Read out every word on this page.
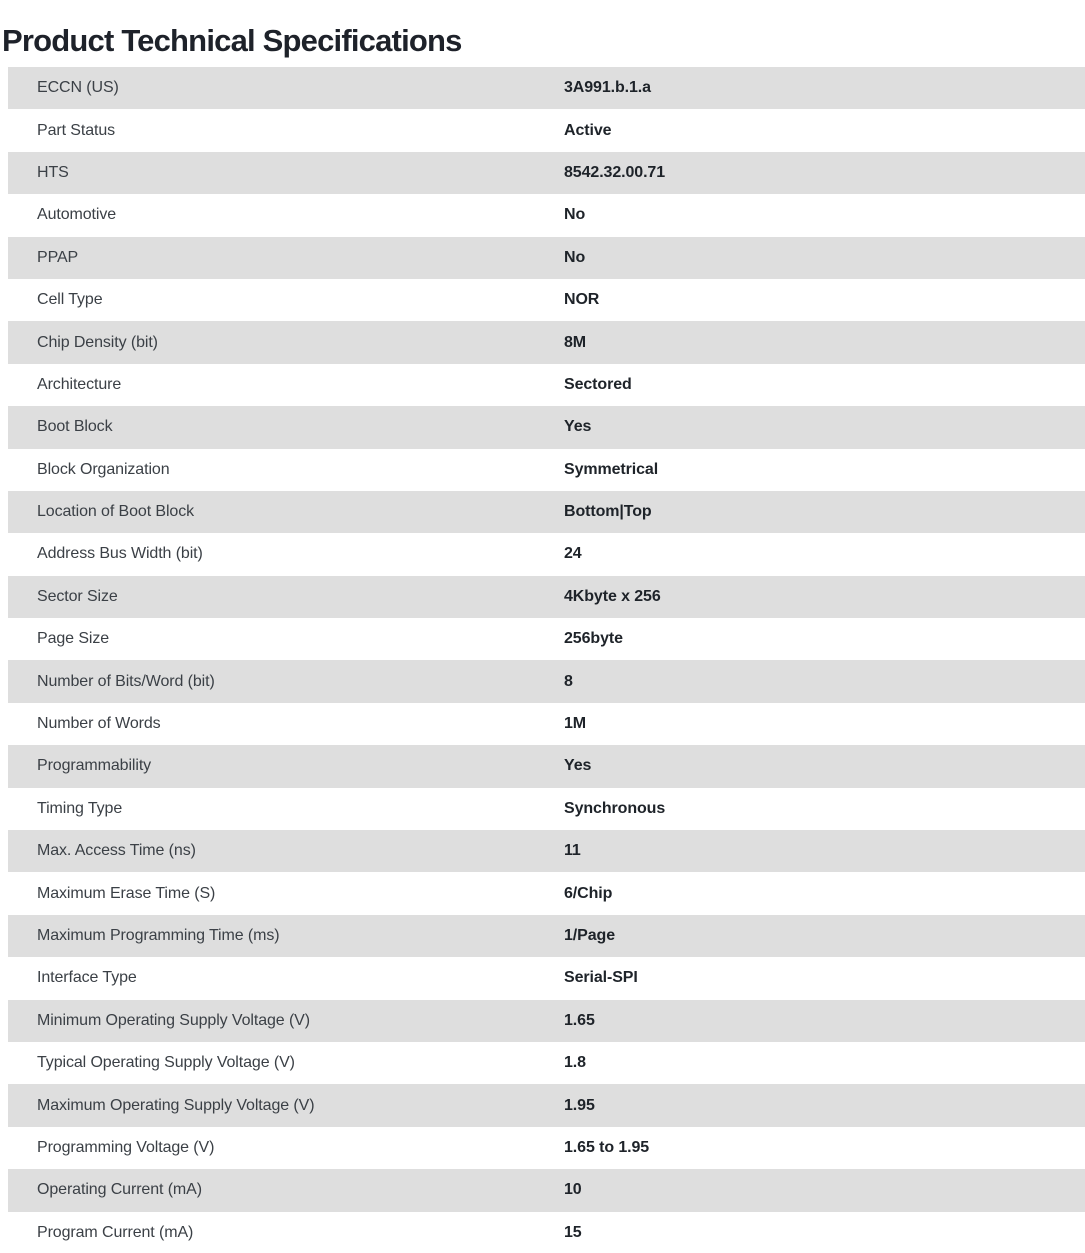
Product Technical Specifications
ECCN (US)	3A991.b.1.a
Part Status	Active
HTS	8542.32.00.71
Automotive	No
PPAP	No
Cell Type	NOR
Chip Density (bit)	8M
Architecture	Sectored
Boot Block	Yes
Block Organization	Symmetrical
Location of Boot Block	Bottom|Top
Address Bus Width (bit)	24
Sector Size	4Kbyte x 256
Page Size	256byte
Number of Bits/Word (bit)	8
Number of Words	1M
Programmability	Yes
Timing Type	Synchronous
Max. Access Time (ns)	11
Maximum Erase Time (S)	6/Chip
Maximum Programming Time (ms)	1/Page
Interface Type	Serial-SPI
Minimum Operating Supply Voltage (V)	1.65
Typical Operating Supply Voltage (V)	1.8
Maximum Operating Supply Voltage (V)	1.95
Programming Voltage (V)	1.65 to 1.95
Operating Current (mA)	10
Program Current (mA)	15
